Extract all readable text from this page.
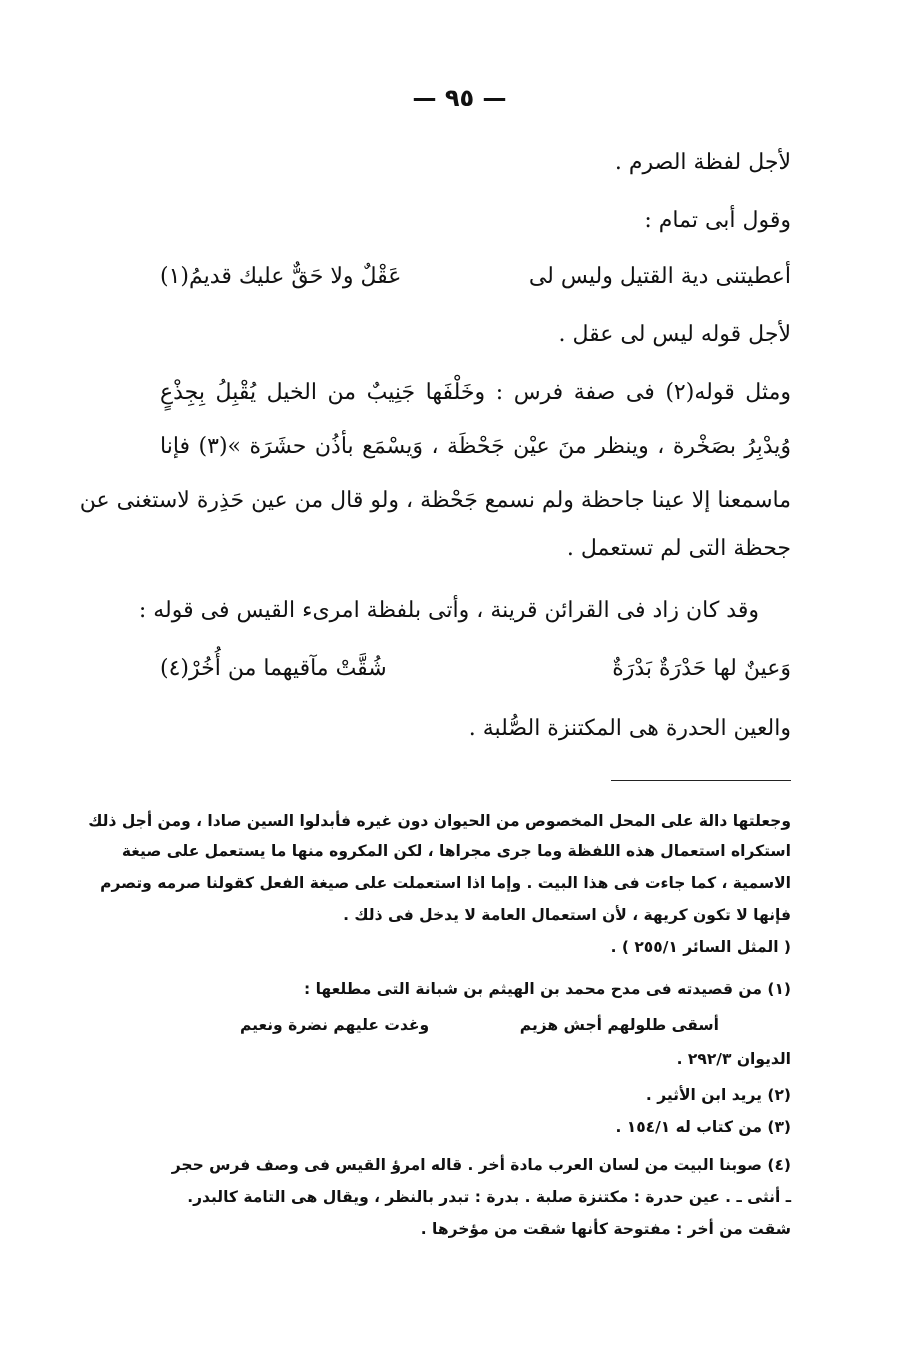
— ٩٥ —
لأجل لفظة الصرم .
وقول أبى تمام :
أعطيتنى دية القتيل وليس لى
عَقْلٌ ولا حَقٌّ عليك قديمُ(١)
لأجل قوله ليس لى عقل .
ومثل قوله(٢) فى صفة فرس : وخَلْفَها جَنِيبٌ من الخيل يُقْبِلُ بِجِذْعٍ
وُيدْبِرُ بصَخْرة ، وينظر منَ عيْن جَحْظَة ، وَيسْمَع بأذُن حشَرَة »(٣) فإنا
ماسمعنا إلا عينا جاحظة ولم نسمع جَحْظة ، ولو قال من عين حَذِرة لاستغنى عن
جحظة التى لم تستعمل .
وقد كان زاد فى القرائن قرينة ، وأتى بلفظة امرىء القيس فى قوله :
وَعينٌ لها حَدْرَةٌ بَدْرَةٌ
شُقَّتْ مآقيهما من أُخُرْ(٤)
والعين الحدرة هى المكتنزة الصُّلبة .
وجعلتها دالة على المحل المخصوص من الحيوان دون غيره فأبدلوا السين صادا ، ومن أجل ذلك
استكراه استعمال هذه اللفظة وما جرى مجراها ، لكن المكروه منها ما يستعمل على صيغة
الاسمية ، كما جاءت فى هذا البيت . وإما اذا استعملت على صيغة الفعل كقولنا صرمه وتصرم
فإنها لا تكون كريهة ، لأن استعمال العامة لا يدخل فى ذلك .
( المثل السائر ٢٥٥/١ ) .
(١) من قصيدته فى مدح محمد بن الهيثم بن شبانة التى مطلعها :
أسقى طلولهم أجش هزيم
وغدت عليهم نضرة ونعيم
الديوان ٢٩٢/٣ .
(٢) يريد ابن الأثير .
(٣) من كتاب له ١٥٤/١ .
(٤) صوبنا البيت من لسان العرب مادة أخر . قاله امرؤ القيس فى وصف فرس حجر
ـ أنثى ـ . عين حدرة : مكتنزة صلبة . بدرة : تبدر بالنظر ، ويقال هى التامة كالبدر.
شقت من أخر : مفتوحة كأنها شقت من مؤخرها .
